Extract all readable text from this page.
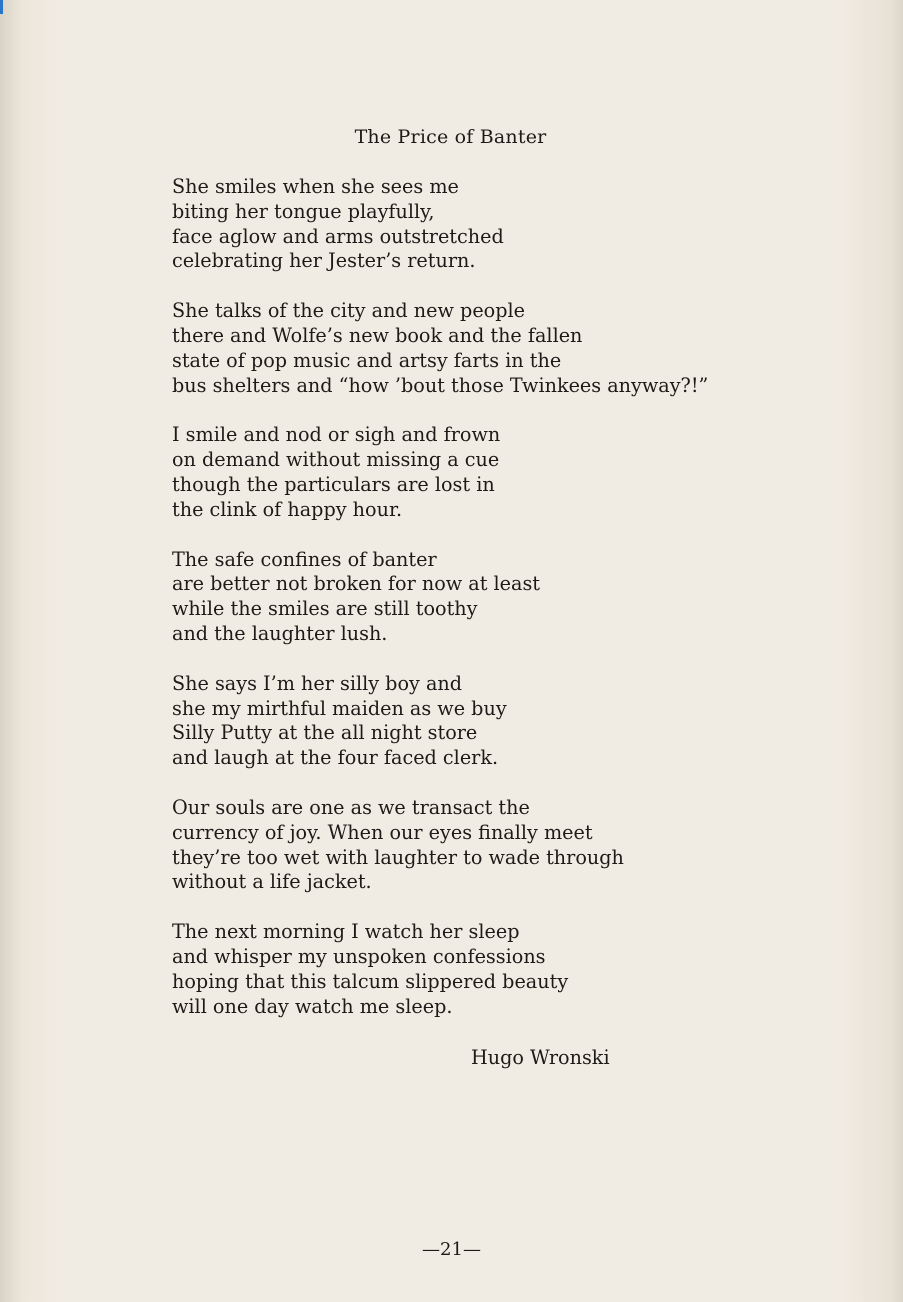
The Price of Banter
She smiles when she sees me
biting her tongue playfully,
face aglow and arms outstretched
celebrating her Jester’s return.
She talks of the city and new people
there and Wolfe’s new book and the fallen
state of pop music and artsy farts in the
bus shelters and “how ’bout those Twinkees anyway?!”
I smile and nod or sigh and frown
on demand without missing a cue
though the particulars are lost in
the clink of happy hour.
The safe confines of banter
are better not broken for now at least
while the smiles are still toothy
and the laughter lush.
She says I’m her silly boy and
she my mirthful maiden as we buy
Silly Putty at the all night store
and laugh at the four faced clerk.
Our souls are one as we transact the
currency of joy. When our eyes finally meet
they’re too wet with laughter to wade through
without a life jacket.
The next morning I watch her sleep
and whisper my unspoken confessions
hoping that this talcum slippered beauty
will one day watch me sleep.
Hugo Wronski
—21—
